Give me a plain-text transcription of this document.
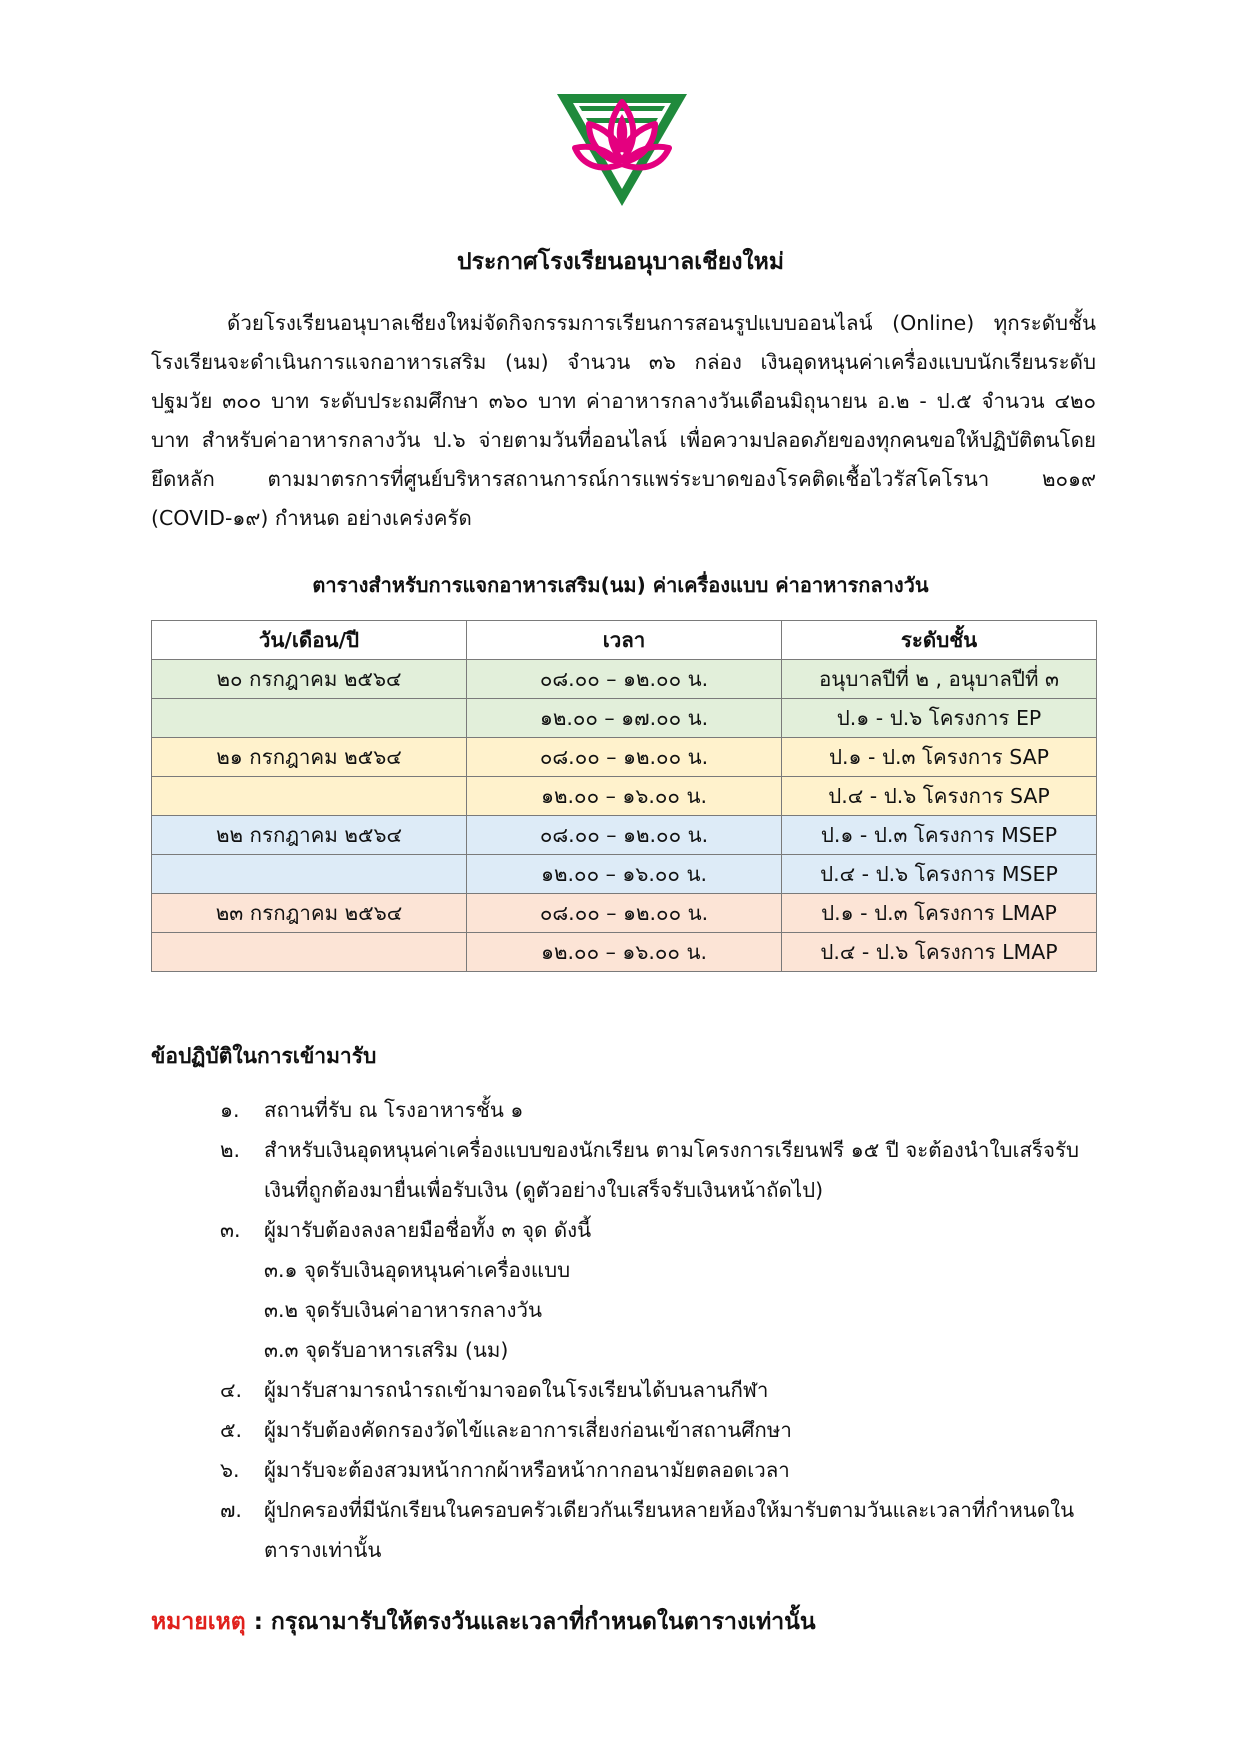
ประกาศโรงเรียนอนุบาลเชียงใหม่

ด้วยโรงเรียนอนุบาลเชียงใหม่จัดกิจกรรมการเรียนการสอนรูปแบบออนไลน์ (Online) ทุกระดับชั้น โรงเรียนจะดำเนินการแจกอาหารเสริม (นม) จำนวน ๓๖ กล่อง เงินอุดหนุนค่าเครื่องแบบนักเรียนระดับปฐมวัย ๓๐๐ บาท ระดับประถมศึกษา ๓๖๐ บาท ค่าอาหารกลางวันเดือนมิถุนายน อ.๒ - ป.๕ จำนวน ๔๒๐ บาท สำหรับค่าอาหารกลางวัน ป.๖ จ่ายตามวันที่ออนไลน์ เพื่อความปลอดภัยของทุกคนขอให้ปฏิบัติตนโดยยึดหลัก ตามมาตรการที่ศูนย์บริหารสถานการณ์การแพร่ระบาดของโรคติดเชื้อไวรัสโคโรนา ๒๐๑๙ (COVID-๑๙) กำหนด อย่างเคร่งครัด

ตารางสำหรับการแจกอาหารเสริม(นม) ค่าเครื่องแบบ ค่าอาหารกลางวัน
วัน/เดือน/ปี	เวลา	ระดับชั้น
๒๐ กรกฎาคม ๒๕๖๔	๐๘.๐๐ – ๑๒.๐๐ น.	อนุบาลปีที่ ๒ , อนุบาลปีที่ ๓
	๑๒.๐๐ – ๑๗.๐๐ น.	ป.๑ - ป.๖ โครงการ EP
๒๑ กรกฎาคม ๒๕๖๔	๐๘.๐๐ – ๑๒.๐๐ น.	ป.๑ - ป.๓ โครงการ SAP
	๑๒.๐๐ – ๑๖.๐๐ น.	ป.๔ - ป.๖ โครงการ SAP
๒๒ กรกฎาคม ๒๕๖๔	๐๘.๐๐ – ๑๒.๐๐ น.	ป.๑ - ป.๓ โครงการ MSEP
	๑๒.๐๐ – ๑๖.๐๐ น.	ป.๔ - ป.๖ โครงการ MSEP
๒๓ กรกฎาคม ๒๕๖๔	๐๘.๐๐ – ๑๒.๐๐ น.	ป.๑ - ป.๓ โครงการ LMAP
	๑๒.๐๐ – ๑๖.๐๐ น.	ป.๔ - ป.๖ โครงการ LMAP
ข้อปฏิบัติในการเข้ามารับ
๑. สถานที่รับ ณ โรงอาหารชั้น ๑
๒. สำหรับเงินอุดหนุนค่าเครื่องแบบของนักเรียน ตามโครงการเรียนฟรี ๑๕ ปี จะต้องนำใบเสร็จรับเงินที่ถูกต้องมายื่นเพื่อรับเงิน (ดูตัวอย่างใบเสร็จรับเงินหน้าถัดไป)
๓. ผู้มารับต้องลงลายมือชื่อทั้ง ๓ จุด ดังนี้
๓.๑ จุดรับเงินอุดหนุนค่าเครื่องแบบ
๓.๒ จุดรับเงินค่าอาหารกลางวัน
๓.๓ จุดรับอาหารเสริม (นม)
๔. ผู้มารับสามารถนำรถเข้ามาจอดในโรงเรียนได้บนลานกีฬา
๕. ผู้มารับต้องคัดกรองวัดไข้และอาการเสี่ยงก่อนเข้าสถานศึกษา
๖. ผู้มารับจะต้องสวมหน้ากากผ้าหรือหน้ากากอนามัยตลอดเวลา
๗. ผู้ปกครองที่มีนักเรียนในครอบครัวเดียวกันเรียนหลายห้องให้มารับตามวันและเวลาที่กำหนดในตารางเท่านั้น
หมายเหตุ : กรุณามารับให้ตรงวันและเวลาที่กำหนดในตารางเท่านั้น
